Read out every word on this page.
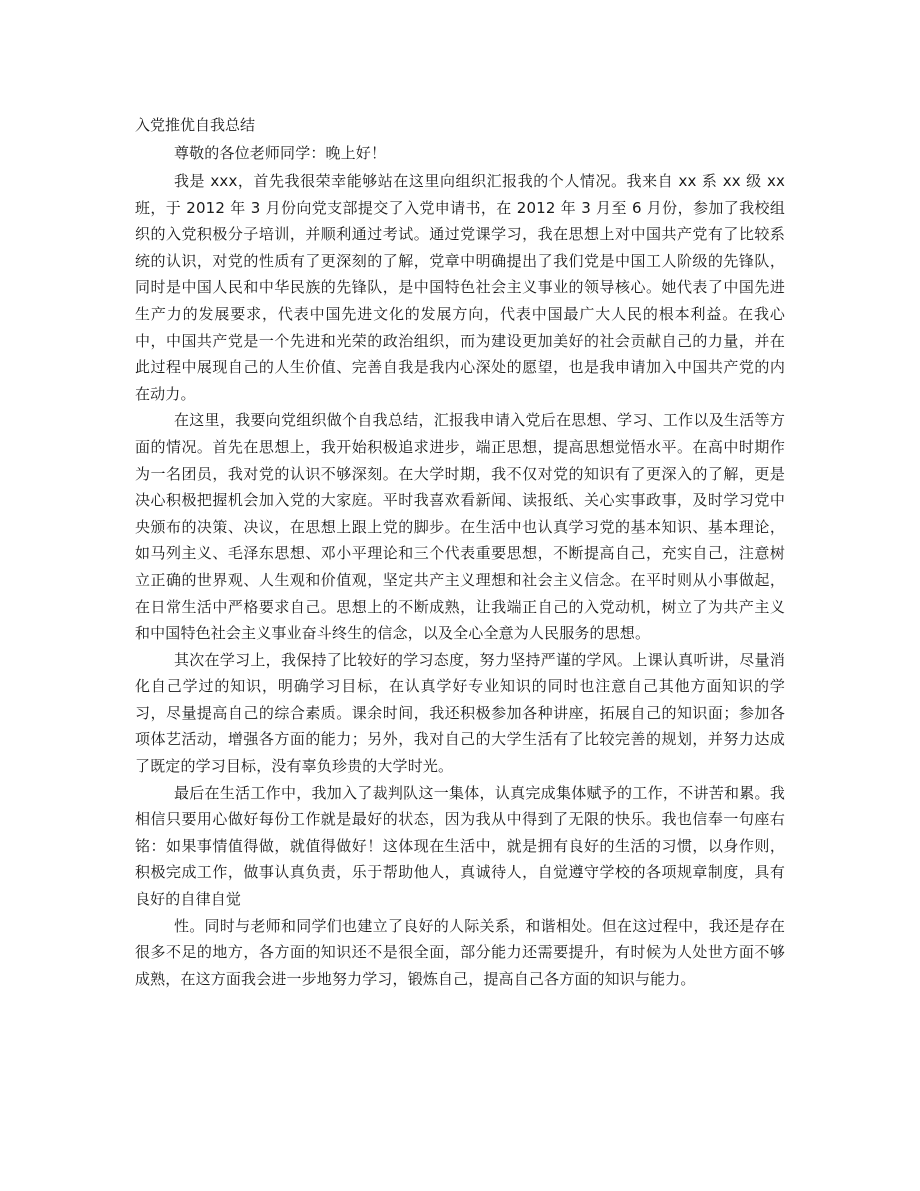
入党推优自我总结

尊敬的各位老师同学：晚上好！

我是 xxx，首先我很荣幸能够站在这里向组织汇报我的个人情况。我来自 xx 系 xx 级 xx 班，于 2012 年 3 月份向党支部提交了入党申请书，在 2012 年 3 月至 6 月份，参加了我校组织的入党积极分子培训，并顺利通过考试。通过党课学习，我在思想上对中国共产党有了比较系统的认识，对党的性质有了更深刻的了解，党章中明确提出了我们党是中国工人阶级的先锋队，同时是中国人民和中华民族的先锋队，是中国特色社会主义事业的领导核心。她代表了中国先进生产力的发展要求，代表中国先进文化的发展方向，代表中国最广大人民的根本利益。在我心中，中国共产党是一个先进和光荣的政治组织，而为建设更加美好的社会贡献自己的力量，并在此过程中展现自己的人生价值、完善自我是我内心深处的愿望，也是我申请加入中国共产党的内在动力。

在这里，我要向党组织做个自我总结，汇报我申请入党后在思想、学习、工作以及生活等方面的情况。首先在思想上，我开始积极追求进步，端正思想，提高思想觉悟水平。在高中时期作为一名团员，我对党的认识不够深刻。在大学时期，我不仅对党的知识有了更深入的了解，更是决心积极把握机会加入党的大家庭。平时我喜欢看新闻、读报纸、关心实事政事，及时学习党中央颁布的决策、决议，在思想上跟上党的脚步。在生活中也认真学习党的基本知识、基本理论，如马列主义、毛泽东思想、邓小平理论和三个代表重要思想，不断提高自己，充实自己，注意树立正确的世界观、人生观和价值观，坚定共产主义理想和社会主义信念。在平时则从小事做起，在日常生活中严格要求自己。思想上的不断成熟，让我端正自己的入党动机，树立了为共产主义和中国特色社会主义事业奋斗终生的信念，以及全心全意为人民服务的思想。

其次在学习上，我保持了比较好的学习态度，努力坚持严谨的学风。上课认真听讲，尽量消化自己学过的知识，明确学习目标，在认真学好专业知识的同时也注意自己其他方面知识的学习，尽量提高自己的综合素质。课余时间，我还积极参加各种讲座，拓展自己的知识面；参加各项体艺活动，增强各方面的能力；另外，我对自己的大学生活有了比较完善的规划，并努力达成了既定的学习目标，没有辜负珍贵的大学时光。

最后在生活工作中，我加入了裁判队这一集体，认真完成集体赋予的工作，不讲苦和累。我相信只要用心做好每份工作就是最好的状态，因为我从中得到了无限的快乐。我也信奉一句座右铭：如果事情值得做，就值得做好！这体现在生活中，就是拥有良好的生活的习惯，以身作则，积极完成工作，做事认真负责，乐于帮助他人，真诚待人，自觉遵守学校的各项规章制度，具有良好的自律自觉

性。同时与老师和同学们也建立了良好的人际关系，和谐相处。但在这过程中，我还是存在很多不足的地方，各方面的知识还不是很全面，部分能力还需要提升，有时候为人处世方面不够成熟，在这方面我会进一步地努力学习，锻炼自己，提高自己各方面的知识与能力。
